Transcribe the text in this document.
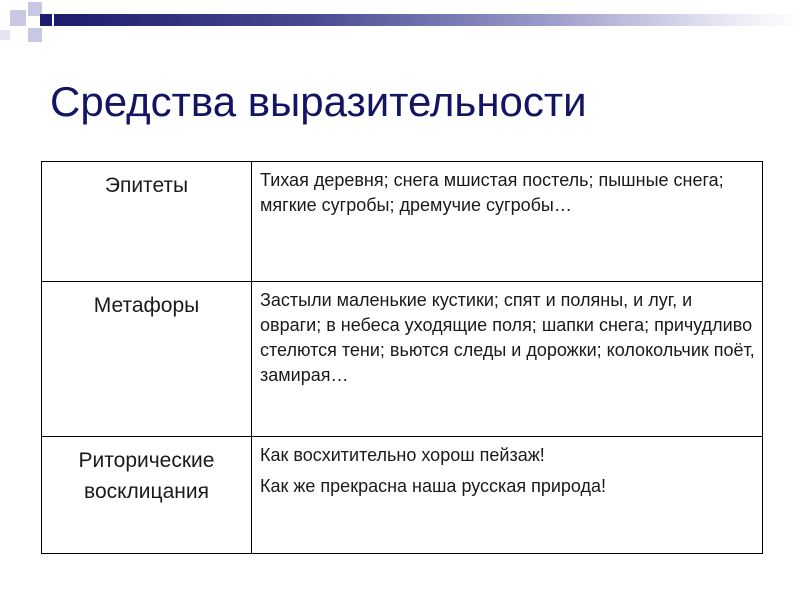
Средства выразительности
Эпитеты	Тихая деревня; снега мшистая постель; пышные снега; мягкие сугробы; дремучие сугробы…

Метафоры	Застыли маленькие кустики; спят и поляны, и луг, и овраги; в небеса уходящие поля; шапки снега; причудливо стелются тени; вьются следы и дорожки; колокольчик поёт, замирая…

Риторические восклицания	Как восхитительно хорош пейзаж!
Как же прекрасна наша русская природа!
